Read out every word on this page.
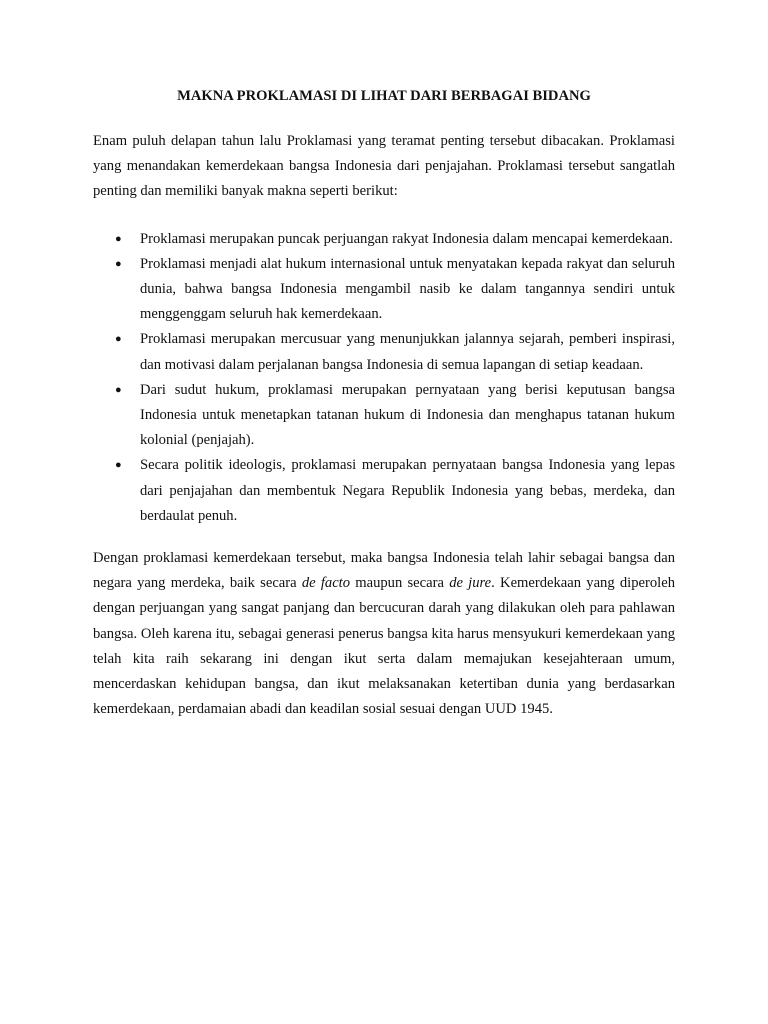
MAKNA PROKLAMASI DI LIHAT DARI BERBAGAI BIDANG

Enam puluh delapan tahun lalu Proklamasi yang teramat penting tersebut dibacakan. Proklamasi yang menandakan kemerdekaan bangsa Indonesia dari penjajahan. Proklamasi tersebut sangatlah penting dan memiliki banyak makna seperti berikut:

● Proklamasi merupakan puncak perjuangan rakyat Indonesia dalam mencapai kemerdekaan.
● Proklamasi menjadi alat hukum internasional untuk menyatakan kepada rakyat dan seluruh dunia, bahwa bangsa Indonesia mengambil nasib ke dalam tangannya sendiri untuk menggenggam seluruh hak kemerdekaan.
● Proklamasi merupakan mercusuar yang menunjukkan jalannya sejarah, pemberi inspirasi, dan motivasi dalam perjalanan bangsa Indonesia di semua lapangan di setiap keadaan.
● Dari sudut hukum, proklamasi merupakan pernyataan yang berisi keputusan bangsa Indonesia untuk menetapkan tatanan hukum di Indonesia dan menghapus tatanan hukum kolonial (penjajah).
● Secara politik ideologis, proklamasi merupakan pernyataan bangsa Indonesia yang lepas dari penjajahan dan membentuk Negara Republik Indonesia yang bebas, merdeka, dan berdaulat penuh.

Dengan proklamasi kemerdekaan tersebut, maka bangsa Indonesia telah lahir sebagai bangsa dan negara yang merdeka, baik secara de facto maupun secara de jure. Kemerdekaan yang diperoleh dengan perjuangan yang sangat panjang dan bercucuran darah yang dilakukan oleh para pahlawan bangsa. Oleh karena itu, sebagai generasi penerus bangsa kita harus mensyukuri kemerdekaan yang telah kita raih sekarang ini dengan ikut serta dalam memajukan kesejahteraan umum, mencerdaskan kehidupan bangsa, dan ikut melaksanakan ketertiban dunia yang berdasarkan kemerdekaan, perdamaian abadi dan keadilan sosial sesuai dengan UUD 1945.
